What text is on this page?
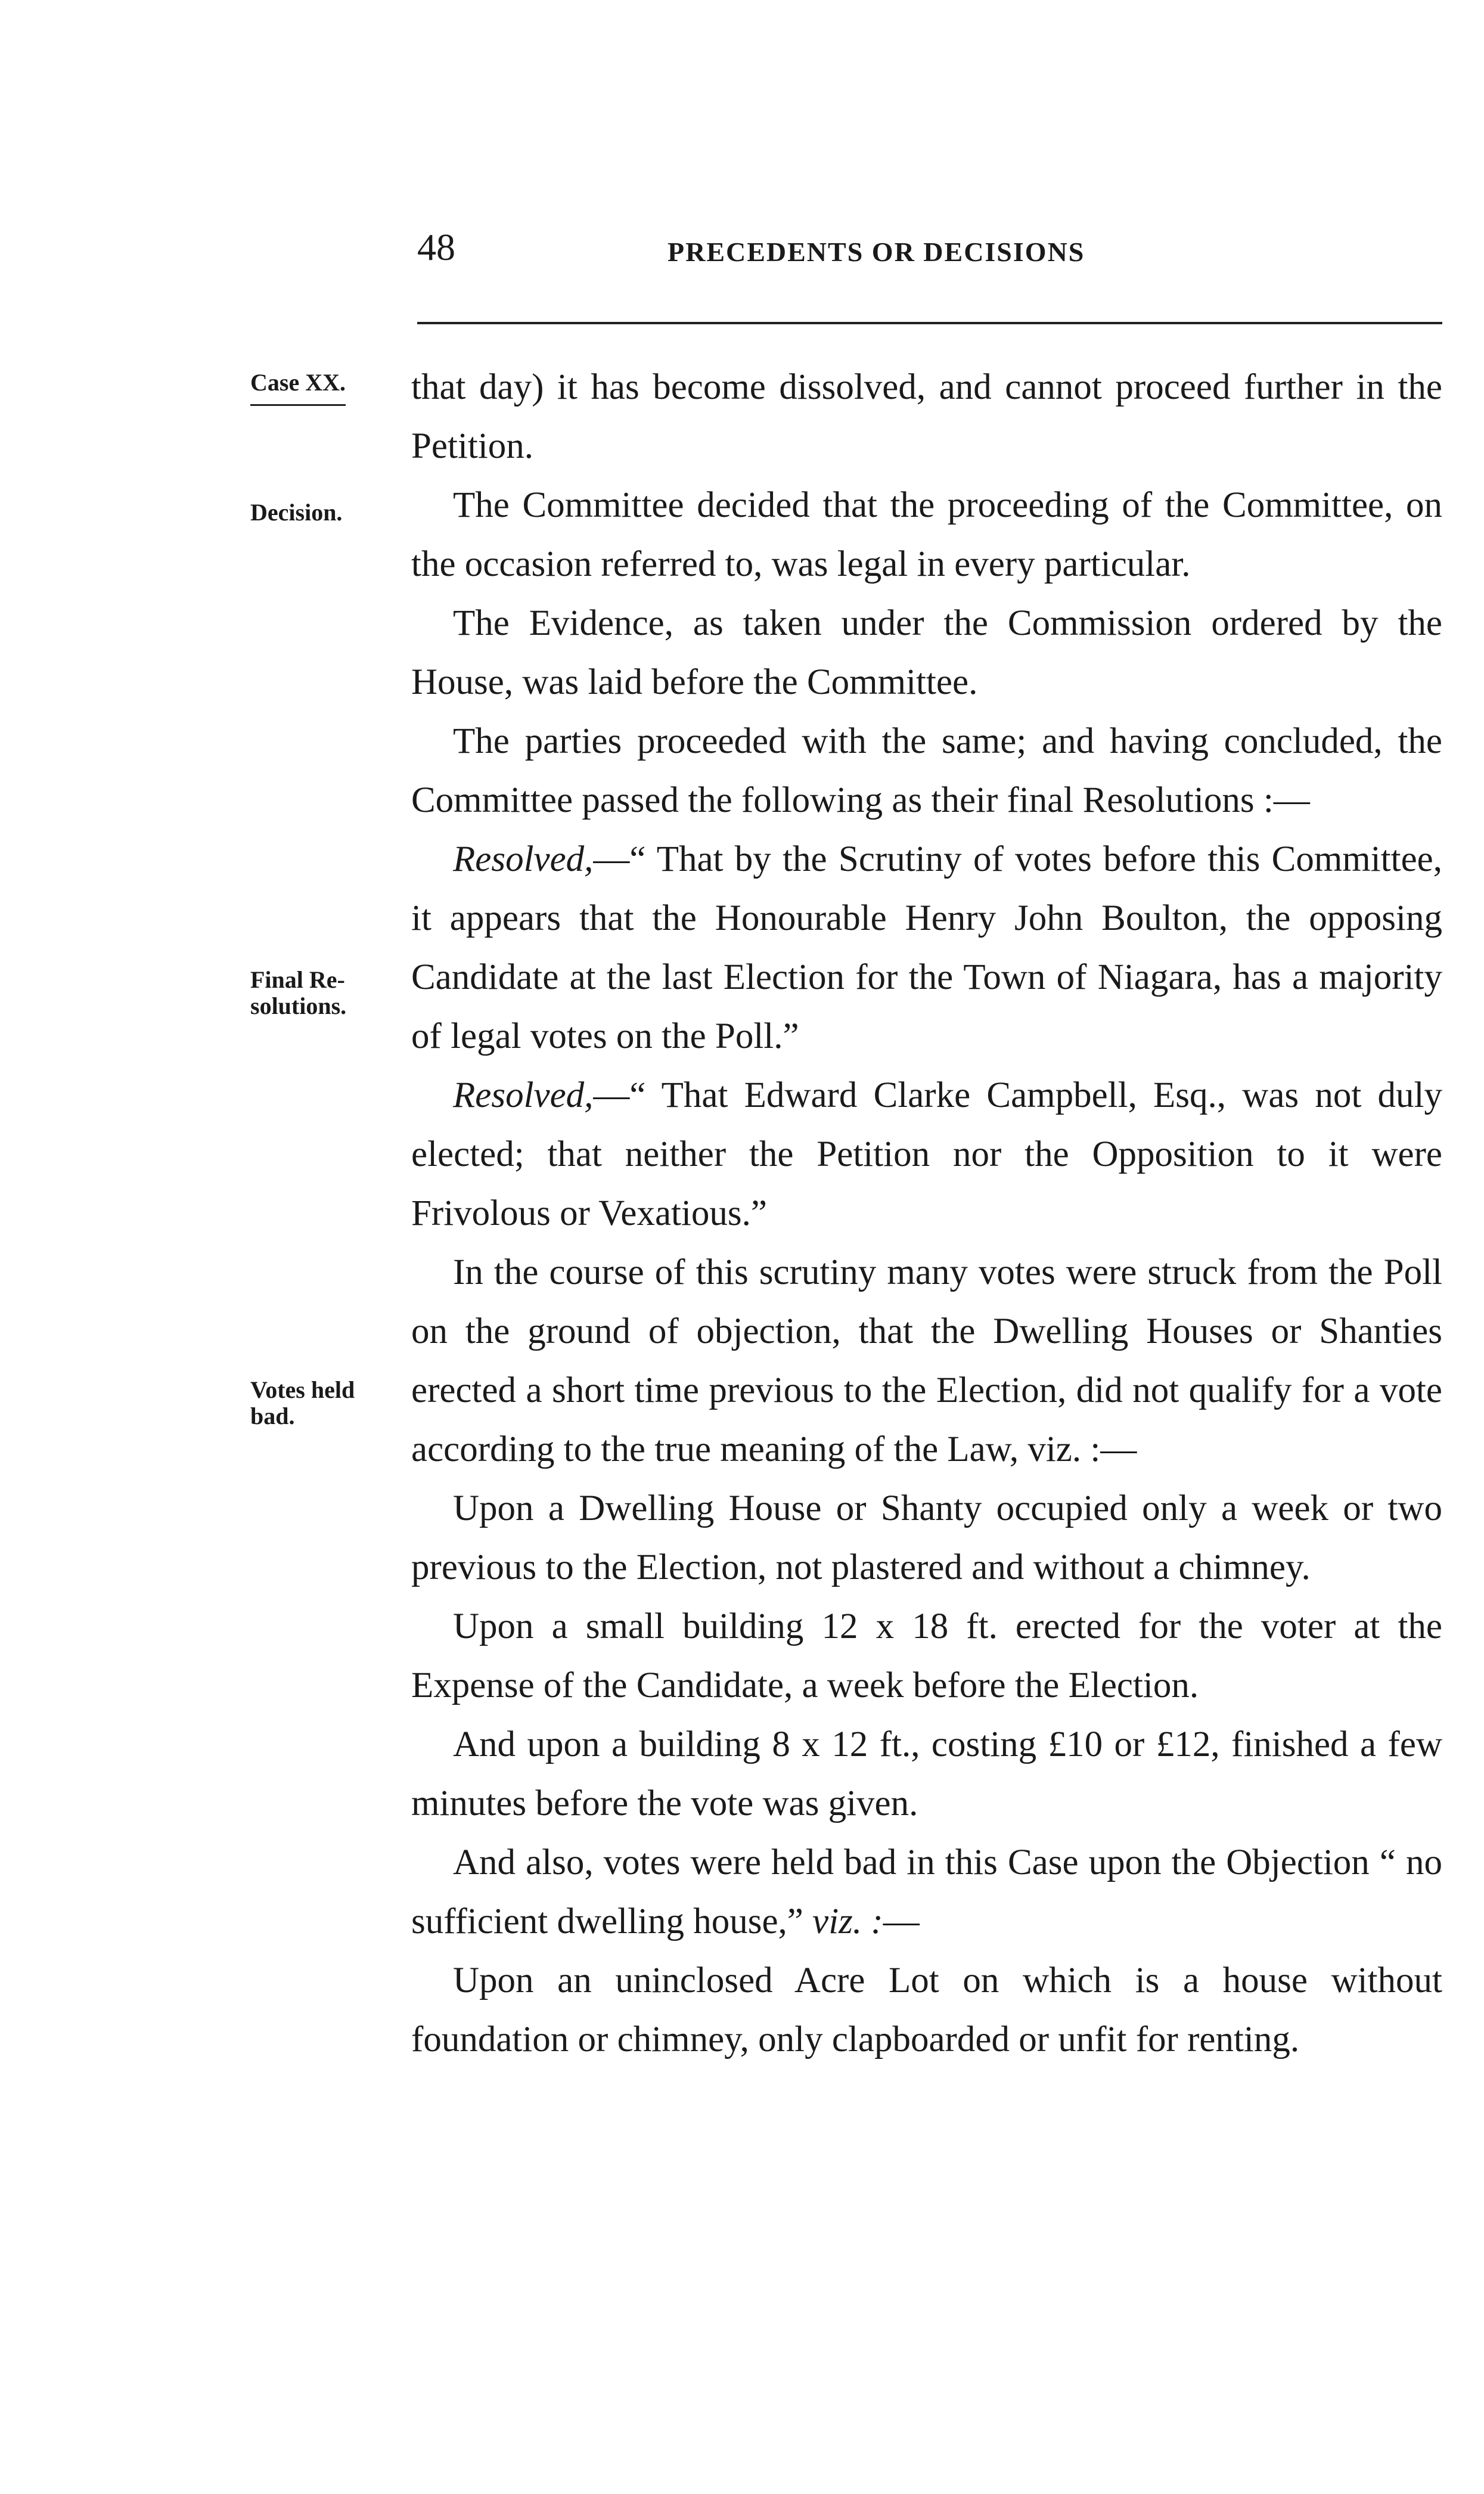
48	PRECEDENTS OR DECISIONS
Case XX.
Decision.
Final Re-
solutions.
Votes held
bad.

that day) it has become dissolved, and cannot proceed further in the Petition.

The Committee decided that the proceeding of the Committee, on the occasion referred to, was legal in every particular.

The Evidence, as taken under the Commission ordered by the House, was laid before the Committee.

The parties proceeded with the same; and having concluded, the Committee passed the following as their final Resolutions :—

Resolved,—“ That by the Scrutiny of votes before this Committee, it appears that the Honourable Henry John Boulton, the opposing Candidate at the last Election for the Town of Niagara, has a majority of legal votes on the Poll.”

Resolved,—“ That Edward Clarke Campbell, Esq., was not duly elected; that neither the Petition nor the Opposition to it were Frivolous or Vexatious.”

In the course of this scrutiny many votes were struck from the Poll on the ground of objection, that the Dwelling Houses or Shanties erected a short time previous to the Election, did not qualify for a vote according to the true meaning of the Law, viz. :—

Upon a Dwelling House or Shanty occupied only a week or two previous to the Election, not plastered and without a chimney.

Upon a small building 12 x 18 ft. erected for the voter at the Expense of the Candidate, a week before the Election.

And upon a building 8 x 12 ft., costing £10 or £12, finished a few minutes before the vote was given.

And also, votes were held bad in this Case upon the Objection “ no sufficient dwelling house,” viz. :—

Upon an uninclosed Acre Lot on which is a house without foundation or chimney, only clapboarded or unfit for renting.
